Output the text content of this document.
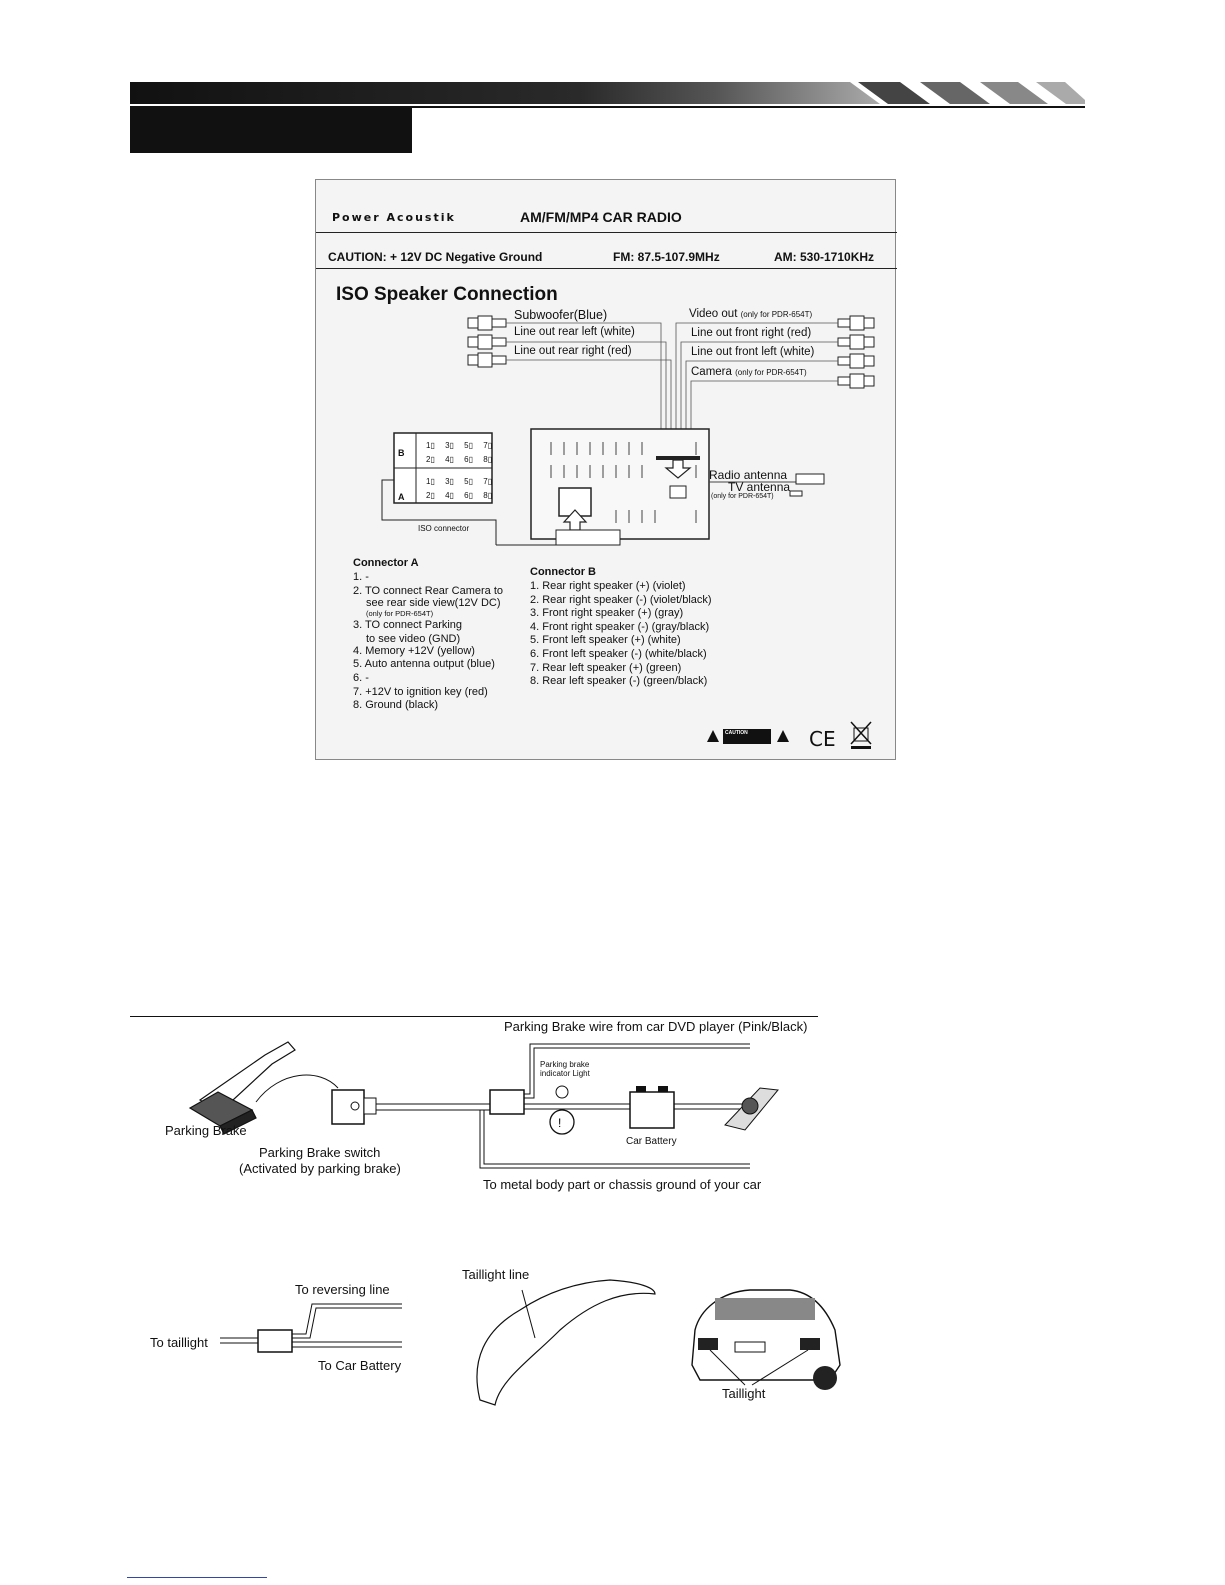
Power Acoustik	AM/FM/MP4 CAR RADIO
CAUTION: + 12V DC Negative Ground	FM: 87.5-107.9MHz	AM: 530-1710KHz
ISO Speaker Connection
Subwoofer(Blue)
Line out rear left (white)
Line out rear right (red)
Video out (only for PDR-654T)
Line out front right (red)
Line out front left (white)
Camera (only for PDR-654T)
1▯ 3▯ 5▯ 7▯
2▯ 4▯ 6▯ 8▯
1▯ 3▯ 5▯ 7▯
2▯ 4▯ 6▯ 8▯
B
A
ISO connector
Radio antenna
TV antenna
(only for PDR-654T)
Connector A
1. -
2. TO connect Rear Camera to
see rear side view(12V DC)
(only for PDR-654T)
3. TO connect Parking
to see video (GND)
4. Memory +12V (yellow)
5. Auto antenna output (blue)
6. -
7. +12V to ignition key (red)
8. Ground (black)
Connector B
1. Rear right speaker (+) (violet)
2. Rear right speaker (-) (violet/black)
3. Front right speaker (+) (gray)
4. Front right speaker (-) (gray/black)
5. Front left speaker (+) (white)
6. Front left speaker (-) (white/black)
7. Rear left speaker (+) (green)
8. Rear left speaker (-) (green/black)
CAUTION	CE
!
Parking Brake wire from car DVD player (Pink/Black)
Parking brake indicator Light
Parking Brake
Parking Brake switch
(Activated by parking brake)
Car Battery
To metal body part or chassis ground of your car
To reversing line
To taillight
To Car Battery
Taillight line
Taillight
